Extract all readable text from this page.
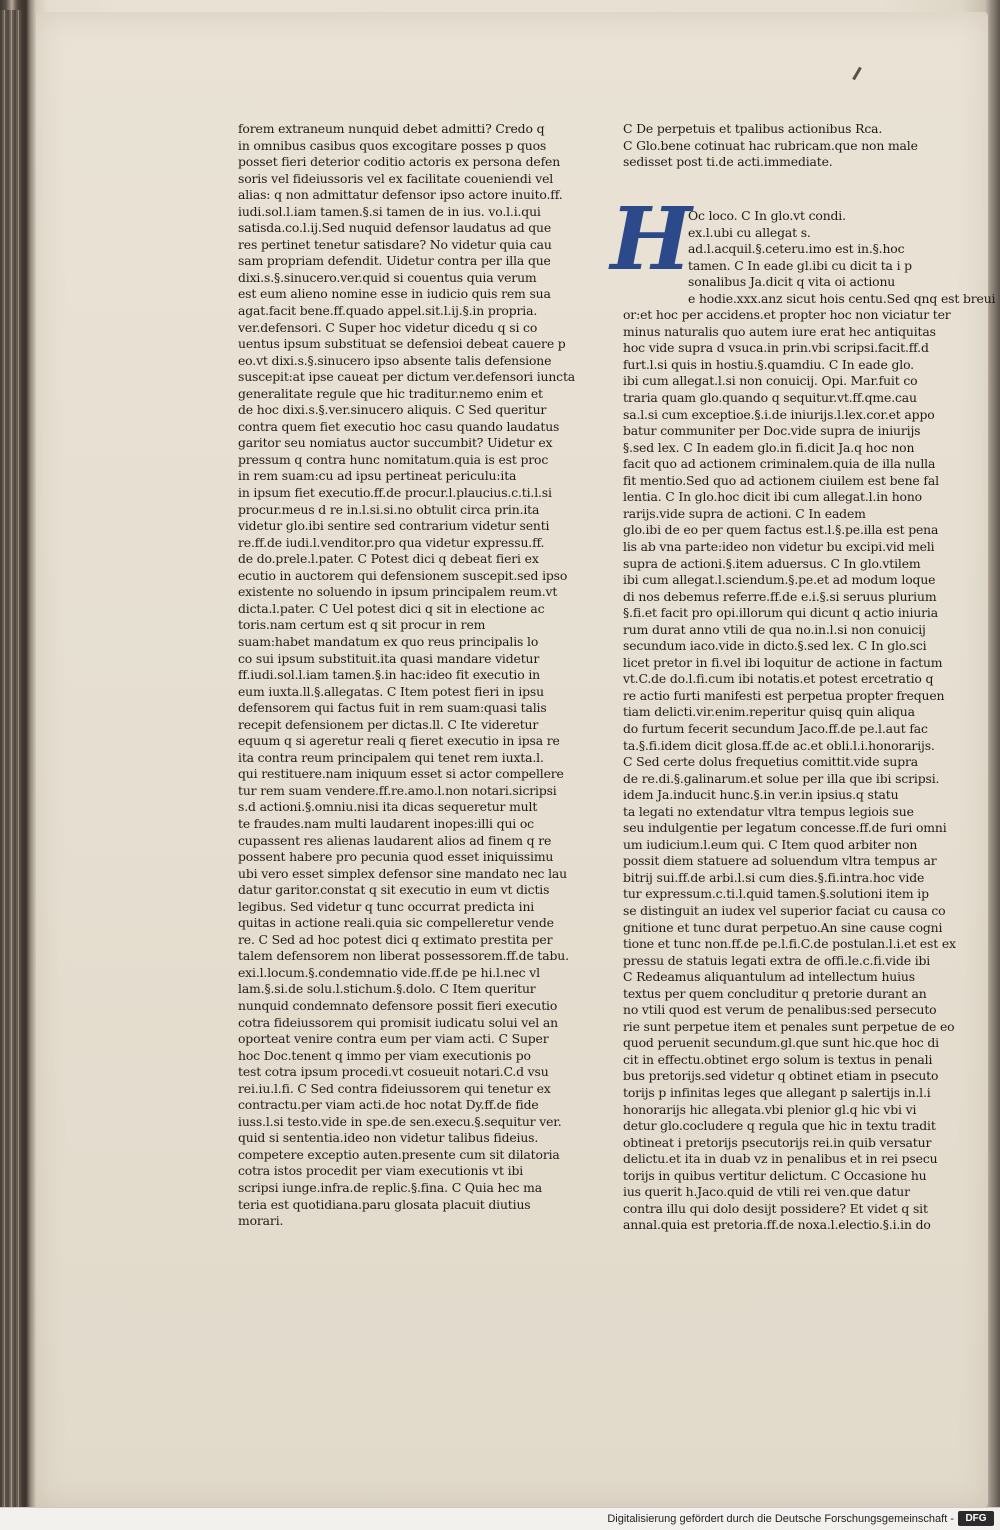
forem extraneum nunquid debet admitti? Credo q
in omnibus casibus quos excogitare posses p quos
posset fieri deterior coditio actoris ex persona defen
soris vel fideiussoris vel ex facilitate coueniendi vel
alias: q non admittatur defensor ipso actore inuito.ff.
iudi.sol.l.iam tamen.§.si tamen de in ius. vo.l.i.qui
satisda.co.l.ij.Sed nuquid defensor laudatus ad que
res pertinet tenetur satisdare? No videtur quia cau
sam propriam defendit. Uidetur contra per illa que
dixi.s.§.sinucero.ver.quid si couentus quia verum
est eum alieno nomine esse in iudicio quis rem sua
agat.facit bene.ff.quado appel.sit.l.ij.§.in propria.
ver.defensori. C Super hoc videtur dicedu q si co
uentus ipsum substituat se defensioi debeat cauere p
eo.vt dixi.s.§.sinucero ipso absente talis defensione
suscepit:at ipse caueat per dictum ver.defensori iuncta
generalitate regule que hic traditur.nemo enim et
de hoc dixi.s.§.ver.sinucero aliquis. C Sed queritur
contra quem fiet executio hoc casu quando laudatus
garitor seu nomiatus auctor succumbit? Uidetur ex
pressum q contra hunc nomitatum.quia is est proc
in rem suam:cu ad ipsu pertineat periculu:ita
in ipsum fiet executio.ff.de procur.l.plaucius.c.ti.l.si
procur.meus d re in.l.si.si.no obtulit circa prin.ita
videtur glo.ibi sentire sed contrarium videtur senti
re.ff.de iudi.l.venditor.pro qua videtur expressu.ff.
de do.prele.l.pater. C Potest dici q debeat fieri ex
ecutio in auctorem qui defensionem suscepit.sed ipso
existente no soluendo in ipsum principalem reum.vt
dicta.l.pater. C Uel potest dici q sit in electione ac
toris.nam certum est q sit procur in rem
suam:habet mandatum ex quo reus principalis lo
co sui ipsum substituit.ita quasi mandare videtur
ff.iudi.sol.l.iam tamen.§.in hac:ideo fit executio in
eum iuxta.ll.§.allegatas. C Item potest fieri in ipsu
defensorem qui factus fuit in rem suam:quasi talis
recepit defensionem per dictas.ll. C Ite videretur
equum q si ageretur reali q fieret executio in ipsa re
ita contra reum principalem qui tenet rem iuxta.l.
qui restituere.nam iniquum esset si actor compellere
tur rem suam vendere.ff.re.amo.l.non notari.sicripsi
s.d actioni.§.omniu.nisi ita dicas sequeretur mult
te fraudes.nam multi laudarent inopes:illi qui oc
cupassent res alienas laudarent alios ad finem q re
possent habere pro pecunia quod esset iniquissimu
ubi vero esset simplex defensor sine mandato nec lau
datur garitor.constat q sit executio in eum vt dictis
legibus. Sed videtur q tunc occurrat predicta ini
quitas in actione reali.quia sic compelleretur vende
re. C Sed ad hoc potest dici q extimato prestita per
talem defensorem non liberat possessorem.ff.de tabu.
exi.l.locum.§.condemnatio vide.ff.de pe hi.l.nec vl
lam.§.si.de solu.l.stichum.§.dolo. C Item queritur
nunquid condemnato defensore possit fieri executio
cotra fideiussorem qui promisit iudicatu solui vel an
oporteat venire contra eum per viam acti. C Super
hoc Doc.tenent q immo per viam executionis po
test cotra ipsum procedi.vt cosueuit notari.C.d vsu
rei.iu.l.fi. C Sed contra fideiussorem qui tenetur ex
contractu.per viam acti.de hoc notat Dy.ff.de fide
iuss.l.si testo.vide in spe.de sen.execu.§.sequitur ver.
quid si sententia.ideo non videtur talibus fideius.
competere exceptio auten.presente cum sit dilatoria
cotra istos procedit per viam executionis vt ibi
scripsi iunge.infra.de replic.§.fina. C Quia hec ma
teria est quotidiana.paru glosata placuit diutius
morari.
C De perpetuis et tpalibus actionibus Rca.
C Glo.bene cotinuat hac rubricam.que non male
sedisset post ti.de acti.immediate.
H
Oc loco. C In glo.vt condi.
ex.l.ubi cu allegat s.
ad.l.acquil.§.ceteru.imo est in.§.hoc
tamen. C In eade gl.ibi cu dicit ta i p
sonalibus Ja.dicit q vita oi actionu
e hodie.xxx.anz sicut hois centu.Sed qnq est breui
or:et hoc per accidens.et propter hoc non viciatur ter
minus naturalis quo autem iure erat hec antiquitas
hoc vide supra d vsuca.in prin.vbi scripsi.facit.ff.d
furt.l.si quis in hostiu.§.quamdiu. C In eade glo.
ibi cum allegat.l.si non conuicij. Opi. Mar.fuit co
traria quam glo.quando q sequitur.vt.ff.qme.cau
sa.l.si cum exceptioe.§.i.de iniurijs.l.lex.cor.et appo
batur communiter per Doc.vide supra de iniurijs
§.sed lex. C In eadem glo.in fi.dicit Ja.q hoc non
facit quo ad actionem criminalem.quia de illa nulla
fit mentio.Sed quo ad actionem ciuilem est bene fal
lentia. C In glo.hoc dicit ibi cum allegat.l.in hono
rarijs.vide supra de actioni. C In eadem
glo.ibi de eo per quem factus est.l.§.pe.illa est pena
lis ab vna parte:ideo non videtur bu excipi.vid meli
supra de actioni.§.item aduersus. C In glo.vtilem
ibi cum allegat.l.sciendum.§.pe.et ad modum loque
di nos debemus referre.ff.de e.i.§.si seruus plurium
§.fi.et facit pro opi.illorum qui dicunt q actio iniuria
rum durat anno vtili de qua no.in.l.si non conuicij
secundum iaco.vide in dicto.§.sed lex. C In glo.sci
licet pretor in fi.vel ibi loquitur de actione in factum
vt.C.de do.l.fi.cum ibi notatis.et potest ercetratio q
re actio furti manifesti est perpetua propter frequen
tiam delicti.vir.enim.reperitur quisq quin aliqua
do furtum fecerit secundum Jaco.ff.de pe.l.aut fac
ta.§.fi.idem dicit glosa.ff.de ac.et obli.l.i.honorarijs.
C Sed certe dolus frequetius comittit.vide supra
de re.di.§.galinarum.et solue per illa que ibi scripsi.
idem Ja.inducit hunc.§.in ver.in ipsius.q statu
ta legati no extendatur vltra tempus legiois sue
seu indulgentie per legatum concesse.ff.de furi omni
um iudicium.l.eum qui. C Item quod arbiter non
possit diem statuere ad soluendum vltra tempus ar
bitrij sui.ff.de arbi.l.si cum dies.§.fi.intra.hoc vide
tur expressum.c.ti.l.quid tamen.§.solutioni item ip
se distinguit an iudex vel superior faciat cu causa co
gnitione et tunc durat perpetuo.An sine cause cogni
tione et tunc non.ff.de pe.l.fi.C.de postulan.l.i.et est ex
pressu de statuis legati extra de offi.le.c.fi.vide ibi
C Redeamus aliquantulum ad intellectum huius
textus per quem concluditur q pretorie durant an
no vtili quod est verum de penalibus:sed persecuto
rie sunt perpetue item et penales sunt perpetue de eo
quod peruenit secundum.gl.que sunt hic.que hoc di
cit in effectu.obtinet ergo solum is textus in penali
bus pretorijs.sed videtur q obtinet etiam in psecuto
torijs p infinitas leges que allegant p salertijs in.l.i
honorarijs hic allegata.vbi plenior gl.q hic vbi vi
detur glo.cocludere q regula que hic in textu tradit
obtineat i pretorijs psecutorijs rei.in quib versatur
delictu.et ita in duab vz in penalibus et in rei psecu
torijs in quibus vertitur delictum. C Occasione hu
ius querit h.Jaco.quid de vtili rei ven.que datur
contra illu qui dolo desijt possidere? Et videt q sit
annal.quia est pretoria.ff.de noxa.l.electio.§.i.in do
Digitalisierung gefördert durch die Deutsche Forschungsgemeinschaft -	DFG
